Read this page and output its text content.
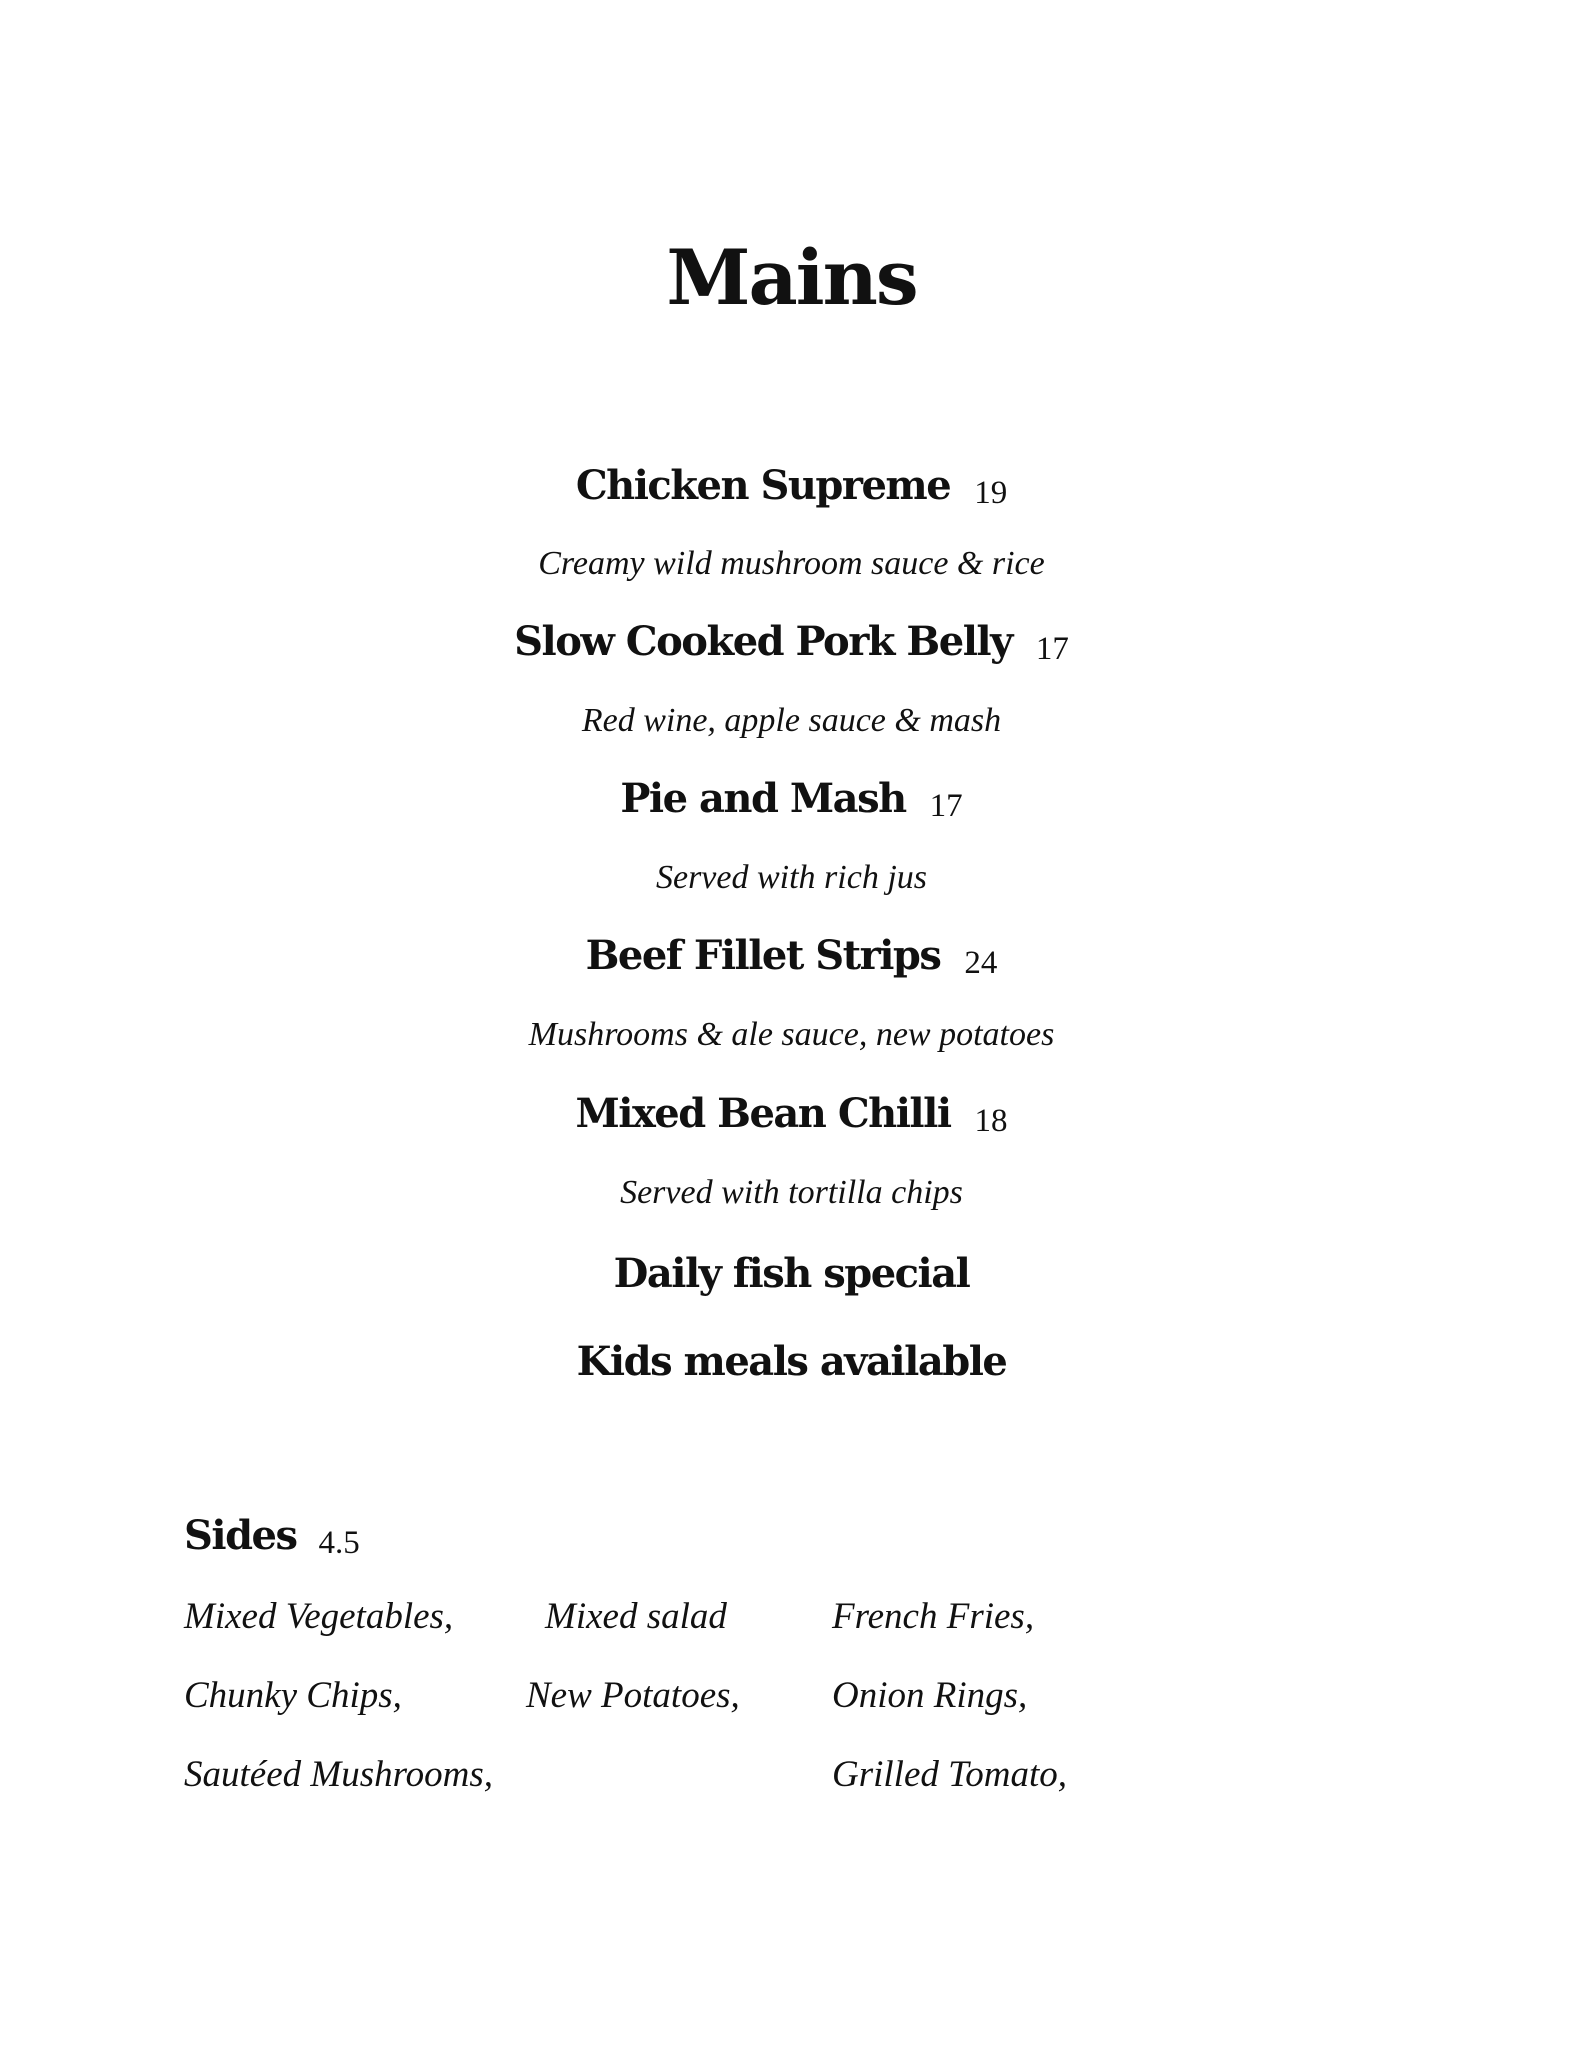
Mains
Chicken Supreme 19
Creamy wild mushroom sauce & rice
Slow Cooked Pork Belly 17
Red wine, apple sauce & mash
Pie and Mash 17
Served with rich jus
Beef Fillet Strips 24
Mushrooms & ale sauce, new potatoes
Mixed Bean Chilli 18
Served with tortilla chips
Daily fish special
Kids meals available
Sides 4.5
Mixed Vegetables,
Chunky Chips,
Sautéed Mushrooms,
Mixed salad
New Potatoes,
French Fries,
Onion Rings,
Grilled Tomato,
